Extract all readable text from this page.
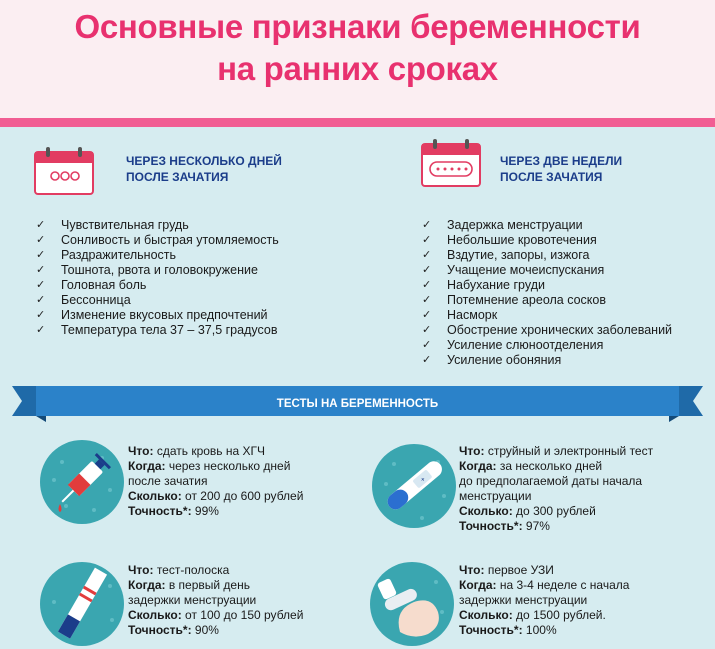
Основные признаки беременности
на ранних сроках
ЧЕРЕЗ НЕСКОЛЬКО ДНЕЙ
ПОСЛЕ ЗАЧАТИЯ
✓ Чувствительная грудь
✓ Сонливость и быстрая утомляемость
✓ Раздражительность
✓ Тошнота, рвота и головокружение
✓ Головная боль
✓ Бессонница
✓ Изменение вкусовых предпочтений
✓ Температура тела 37 – 37,5 градусов
ЧЕРЕЗ ДВЕ НЕДЕЛИ
ПОСЛЕ ЗАЧАТИЯ
✓ Задержка менструации
✓ Небольшие кровотечения
✓ Вздутие, запоры, изжога
✓ Учащение мочеиспускания
✓ Набухание груди
✓ Потемнение ареола сосков
✓ Насморк
✓ Обострение хронических заболеваний
✓ Усиление слюноотделения
✓ Усиление обоняния
ТЕСТЫ НА БЕРЕМЕННОСТЬ
Что: сдать кровь на ХГЧ
Когда: через несколько дней
после зачатия
Сколько: от 200 до 600 рублей
Точность*: 99%
+
Что: струйный и электронный тест
Когда: за несколько дней
до предполагаемой даты начала
менструации
Сколько: до 300 рублей
Точность*: 97%
Что: тест-полоска
Когда: в первый день
задержки менструации
Сколько: от 100 до 150 рублей
Точность*: 90%
Что: первое УЗИ
Когда: на 3-4 неделе с начала
задержки менструации
Сколько: до 1500 рублей.
Точность*: 100%
